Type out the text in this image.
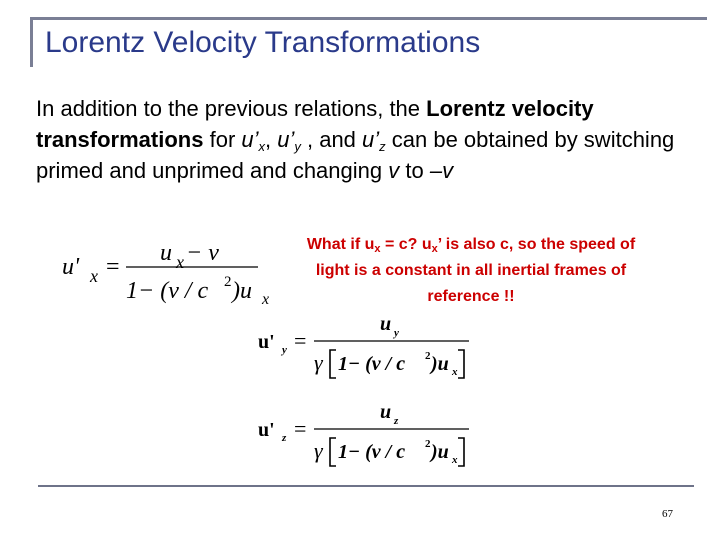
Lorentz Velocity Transformations
In addition to the previous relations, the Lorentz velocity transformations for $u’_x$, $u’_y$ , and $u’_z$ can be obtained by switching primed and unprimed and changing v to –v
u' x =
u x − v
1− (v / c 2 )u x
What if $u_x = c$? $u_x$’ is also c, so the speed of light is a constant in all inertial frames of reference !!
u' y =
u y
γ 1− (v / c 2 )u x
u' z =
u z
γ 1− (v / c 2 )u x
67
